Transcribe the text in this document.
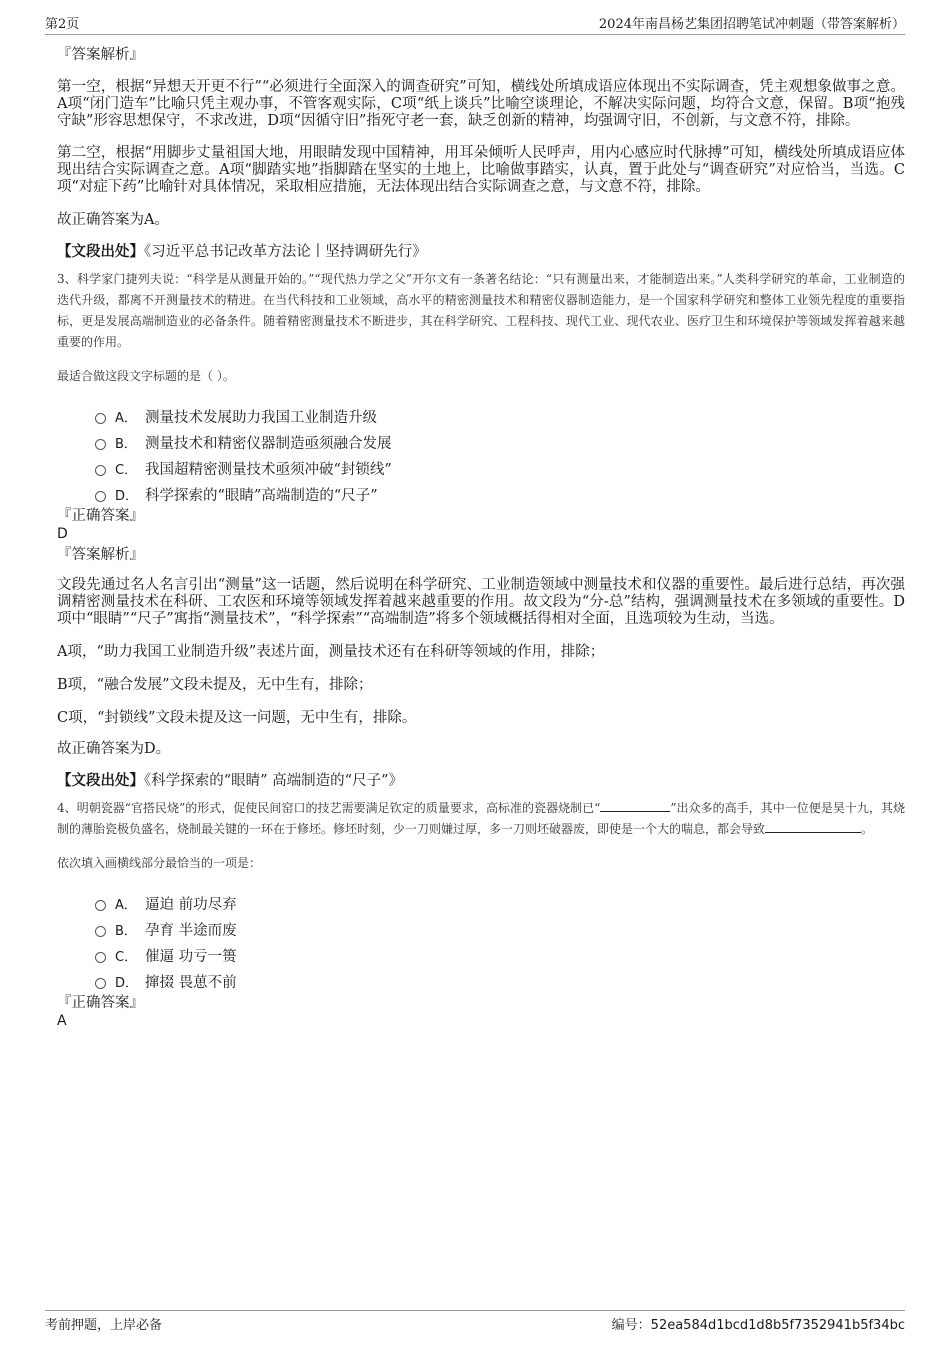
第2页	2024年南昌杨艺集团招聘笔试冲刺题（带答案解析）

『答案解析』

第一空，根据“异想天开更不行”“必须进行全面深入的调查研究”可知，横线处所填成语应体现出不实际调查，凭主观想象做事之意。A项“闭门造车”比喻只凭主观办事，不管客观实际，C项“纸上谈兵”比喻空谈理论，不解决实际问题，均符合文意，保留。B项“抱残守缺”形容思想保守，不求改进，D项“因循守旧”指死守老一套，缺乏创新的精神，均强调守旧，不创新，与文意不符，排除。

第二空，根据“用脚步丈量祖国大地，用眼睛发现中国精神，用耳朵倾听人民呼声，用内心感应时代脉搏”可知，横线处所填成语应体现出结合实际调查之意。A项“脚踏实地”指脚踏在坚实的土地上，比喻做事踏实，认真，置于此处与“调查研究”对应恰当，当选。C项“对症下药”比喻针对具体情况，采取相应措施，无法体现出结合实际调查之意，与文意不符，排除。

故正确答案为A。

【文段出处】《习近平总书记改革方法论丨坚持调研先行》

3、科学家门捷列夫说：“科学是从测量开始的。”“现代热力学之父”开尔文有一条著名结论：“只有测量出来，才能制造出来。”人类科学研究的革命，工业制造的迭代升级，都离不开测量技术的精进。在当代科技和工业领域，高水平的精密测量技术和精密仪器制造能力，是一个国家科学研究和整体工业领先程度的重要指标，更是发展高端制造业的必备条件。随着精密测量技术不断进步，其在科学研究、工程科技、现代工业、现代农业、医疗卫生和环境保护等领域发挥着越来越重要的作用。

最适合做这段文字标题的是（ ）。

A． 测量技术发展助力我国工业制造升级
B． 测量技术和精密仪器制造亟须融合发展
C． 我国超精密测量技术亟须冲破“封锁线”
D． 科学探索的“眼睛”高端制造的“尺子”

『正确答案』

D

『答案解析』

文段先通过名人名言引出“测量”这一话题，然后说明在科学研究、工业制造领域中测量技术和仪器的重要性。最后进行总结，再次强调精密测量技术在科研、工农医和环境等领域发挥着越来越重要的作用。故文段为“分-总”结构，强调测量技术在多领域的重要性。D项中“眼睛”“尺子”寓指“测量技术”，“科学探索”“高端制造”将多个领域概括得相对全面，且选项较为生动，当选。

A项，“助力我国工业制造升级”表述片面，测量技术还有在科研等领域的作用，排除；

B项，“融合发展”文段未提及，无中生有，排除；

C项，“封锁线”文段未提及这一问题，无中生有，排除。

故正确答案为D。

【文段出处】《科学探索的“眼睛” 高端制造的“尺子”》

4、明朝瓷器“官搭民烧”的形式，促使民间窑口的技艺需要满足钦定的质量要求，高标准的瓷器烧制已“	”出众多的高手，其中一位便是昊十九，其烧制的薄胎瓷极负盛名，烧制最关键的一环在于修坯。修坯时刻，少一刀则嫌过厚，多一刀则坯破器废，即使是一个大的喘息，都会导致	。

依次填入画横线部分最恰当的一项是：

A． 逼迫 前功尽弃
B． 孕育 半途而废
C． 催逼 功亏一篑
D． 撺掇 畏葸不前

『正确答案』

A

考前押题，上岸必备	编号：52ea584d1bcd1d8b5f7352941b5f34bc
